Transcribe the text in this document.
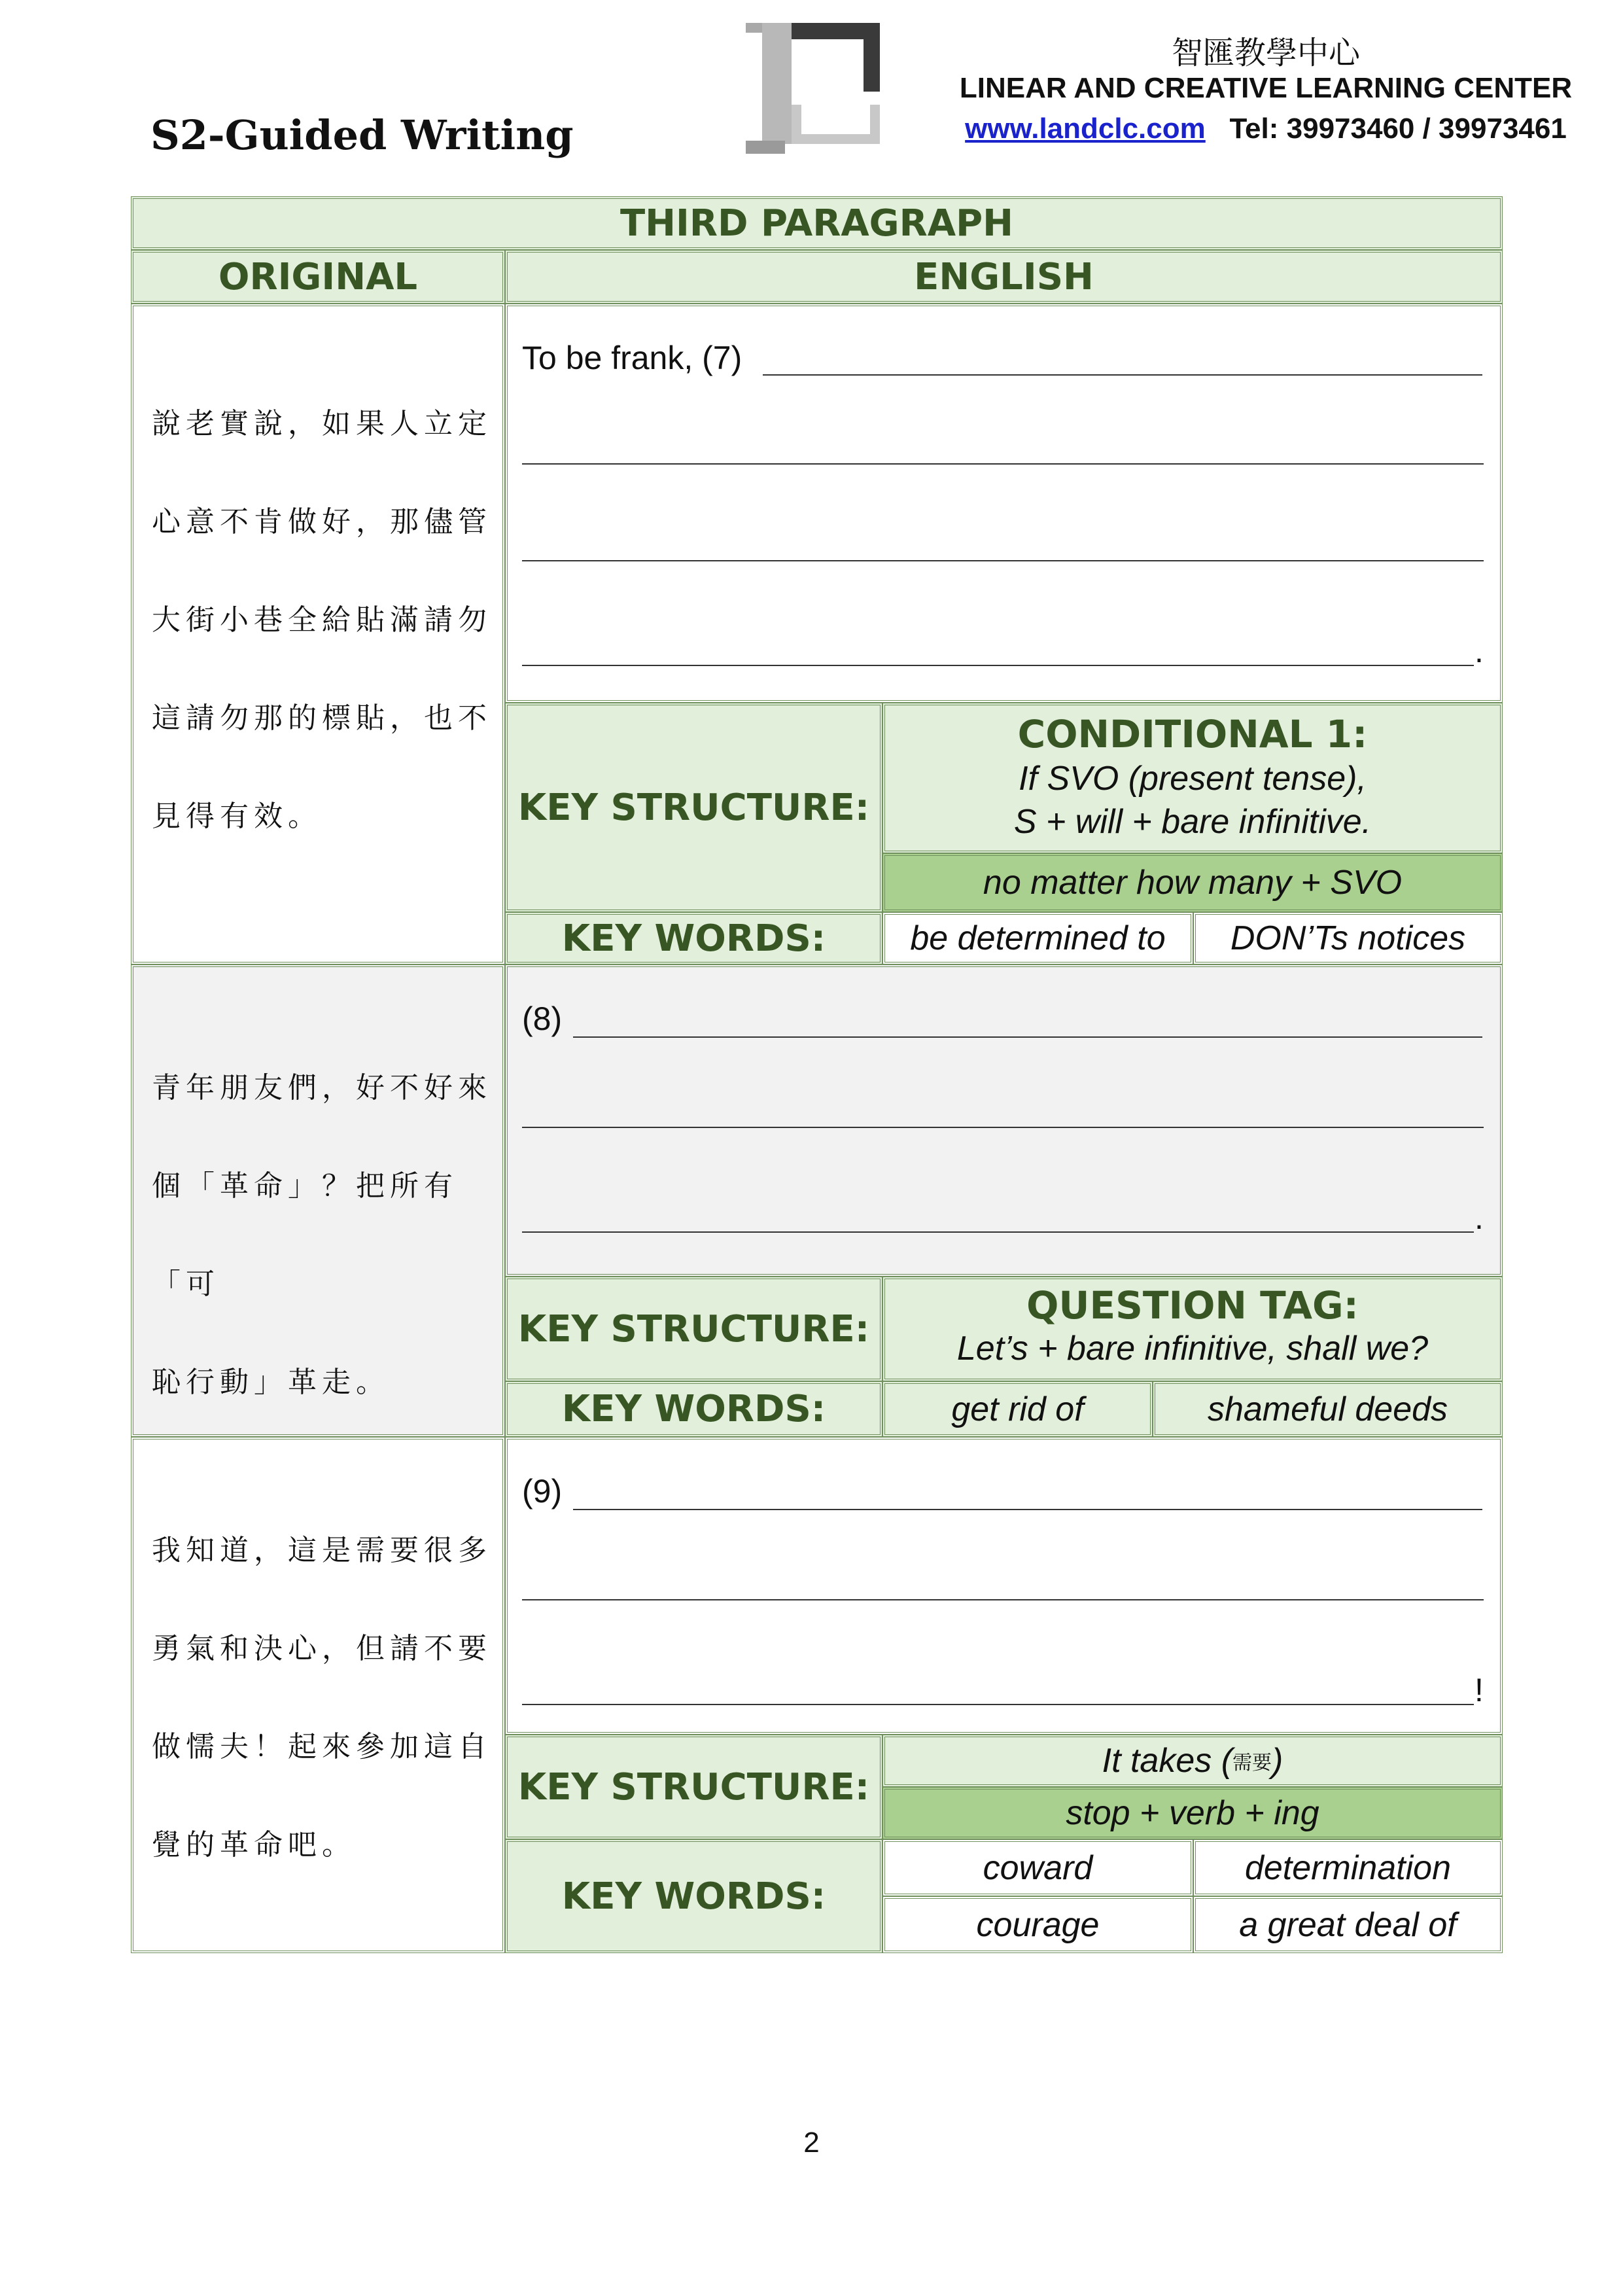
S2-Guided Writing
智匯教學中心
LINEAR AND CREATIVE LEARNING CENTER
www.landclc.com Tel: 39973460 / 39973461
THIRD PARAGRAPH
ORIGINAL	ENGLISH
說老實說，如果人立定
心意不肯做好，那儘管
大街小巷全給貼滿請勿
這請勿那的標貼，也不
見得有效。
To be frank, (7)
.
KEY STRUCTURE:
CONDITIONAL 1:
If SVO (present tense),
S + will + bare infinitive.
no matter how many + SVO
KEY WORDS:	be determined to	DON’Ts notices
青年朋友們，好不好來
個「革命」？把所有「可
恥行動」革走。
(8)
.
KEY STRUCTURE:
QUESTION TAG:
Let’s + bare infinitive, shall we?
KEY WORDS:	get rid of	shameful deeds
我知道，這是需要很多
勇氣和決心，但請不要
做懦夫！起來參加這自
覺的革命吧。
(9)
!
KEY STRUCTURE:
It takes ( 需要 )
stop + verb + ing
KEY WORDS:
coward	determination
courage	a great deal of
2
